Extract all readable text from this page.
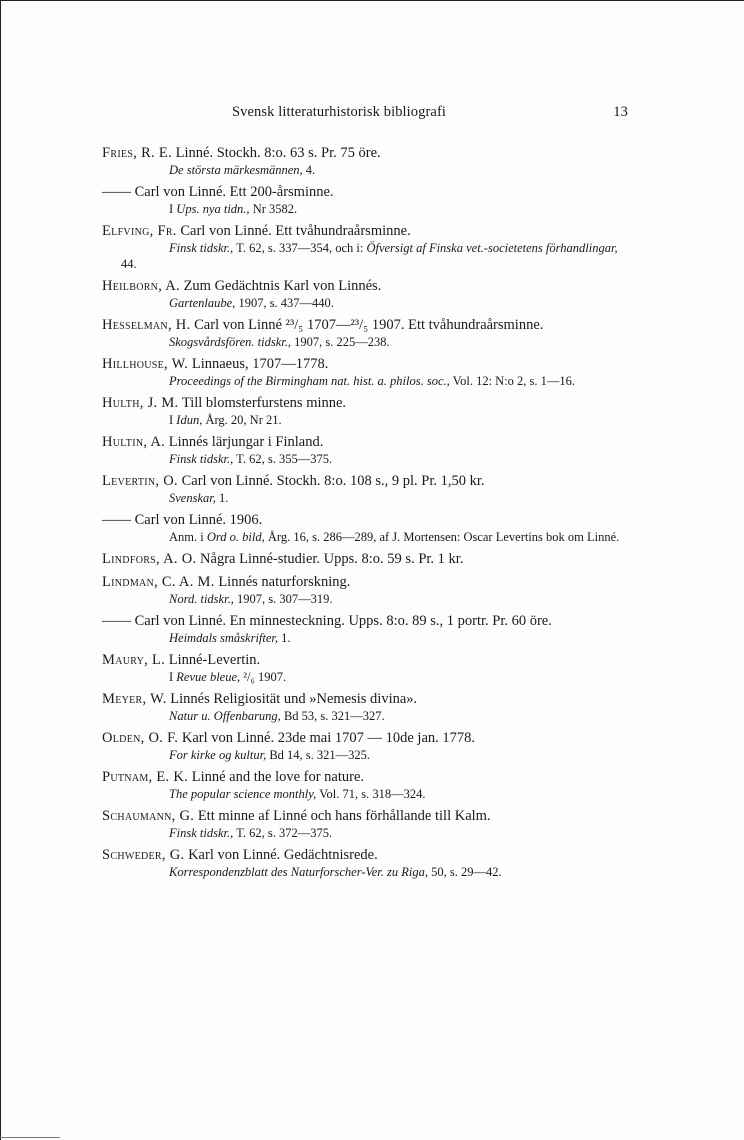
Svensk litteraturhistorisk bibliografi	13
Fries, R. E. Linné. Stockh. 8:o. 63 s. Pr. 75 öre.
De största märkesmännen, 4.
—— Carl von Linné. Ett 200-årsminne.
I Ups. nya tidn., Nr 3582.
Elfving, Fr. Carl von Linné. Ett tvåhundraårsminne.
Finsk tidskr., T. 62, s. 337—354, och i: Öfversigt af Finska vet.-societetens förhandlingar, 44.
Heilborn, A. Zum Gedächtnis Karl von Linnés.
Gartenlaube, 1907, s. 437—440.
Hesselman, H. Carl von Linné ²³/₅ 1707—²³/₅ 1907. Ett tvåhundraårsminne.
Skogsvårdsfören. tidskr., 1907, s. 225—238.
Hillhouse, W. Linnaeus, 1707—1778.
Proceedings of the Birmingham nat. hist. a. philos. soc., Vol. 12: N:o 2, s. 1—16.
Hulth, J. M. Till blomsterfurstens minne.
I Idun, Årg. 20, Nr 21.
Hultin, A. Linnés lärjungar i Finland.
Finsk tidskr., T. 62, s. 355—375.
Levertin, O. Carl von Linné. Stockh. 8:o. 108 s., 9 pl. Pr. 1,50 kr.
Svenskar, 1.
—— Carl von Linné. 1906.
Anm. i Ord o. bild, Årg. 16, s. 286—289, af J. Mortensen: Oscar Levertins bok om Linné.
Lindfors, A. O. Några Linné-studier. Upps. 8:o. 59 s. Pr. 1 kr.
Lindman, C. A. M. Linnés naturforskning.
Nord. tidskr., 1907, s. 307—319.
—— Carl von Linné. En minnesteckning. Upps. 8:o. 89 s., 1 portr. Pr. 60 öre.
Heimdals småskrifter, 1.
Maury, L. Linné-Levertin.
I Revue bleue, ²/₆ 1907.
Meyer, W. Linnés Religiosität und »Nemesis divina».
Natur u. Offenbarung, Bd 53, s. 321—327.
Olden, O. F. Karl von Linné. 23de mai 1707 — 10de jan. 1778.
For kirke og kultur, Bd 14, s. 321—325.
Putnam, E. K. Linné and the love for nature.
The popular science monthly, Vol. 71, s. 318—324.
Schaumann, G. Ett minne af Linné och hans förhållande till Kalm.
Finsk tidskr., T. 62, s. 372—375.
Schweder, G. Karl von Linné. Gedächtnisrede.
Korrespondenzblatt des Naturforscher-Ver. zu Riga, 50, s. 29—42.
